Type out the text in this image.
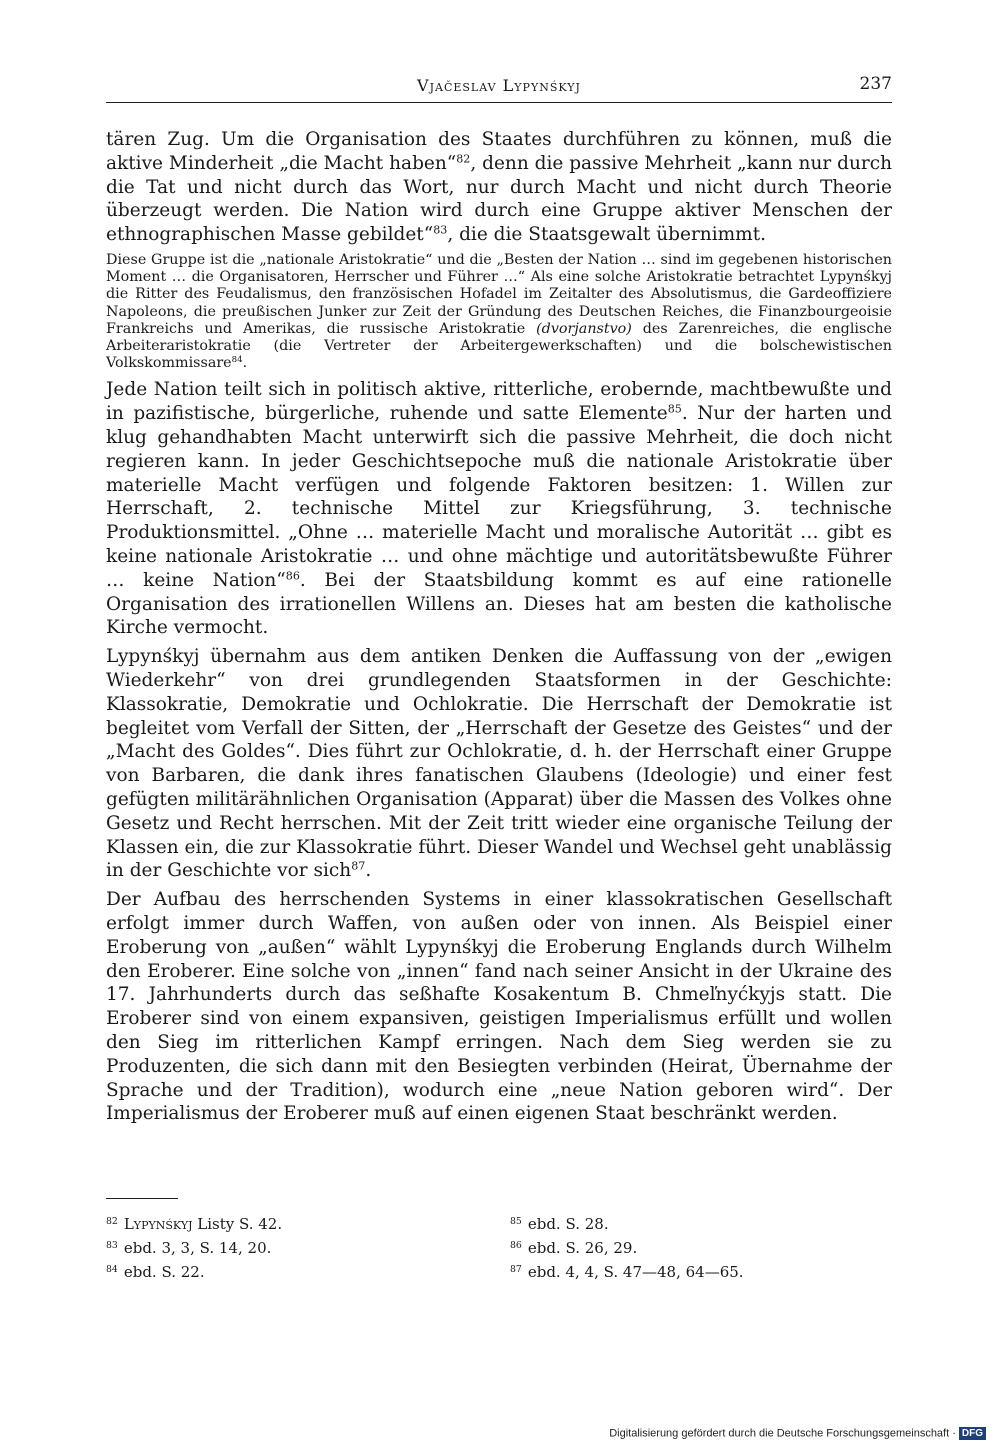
Vjačeslav Lypynśkyj	237

tären Zug. Um die Organisation des Staates durchführen zu können, muß die aktive Minderheit „die Macht haben“$^{82}$, denn die passive Mehrheit „kann nur durch die Tat und nicht durch das Wort, nur durch Macht und nicht durch Theorie überzeugt werden. Die Nation wird durch eine Gruppe aktiver Menschen der ethnographischen Masse gebildet“$^{83}$, die die Staatsgewalt übernimmt.

Diese Gruppe ist die „nationale Aristokratie“ und die „Besten der Nation … sind im gegebenen historischen Moment … die Organisatoren, Herrscher und Führer …“ Als eine solche Aristokratie betrachtet Lypynśkyj die Ritter des Feudalismus, den französischen Hofadel im Zeitalter des Absolutismus, die Gardeoffiziere Napoleons, die preußischen Junker zur Zeit der Gründung des Deutschen Reiches, die Finanzbourgeoisie Frankreichs und Amerikas, die russische Aristokratie (dvorjanstvo) des Zarenreiches, die englische Arbeiteraristokratie (die Vertreter der Arbeitergewerkschaften) und die bolschewistischen Volkskommissare$^{84}$.

Jede Nation teilt sich in politisch aktive, ritterliche, erobernde, machtbewußte und in pazifistische, bürgerliche, ruhende und satte Elemente$^{85}$. Nur der harten und klug gehandhabten Macht unterwirft sich die passive Mehrheit, die doch nicht regieren kann. In jeder Geschichtsepoche muß die nationale Aristokratie über materielle Macht verfügen und folgende Faktoren besitzen: 1. Willen zur Herrschaft, 2. technische Mittel zur Kriegsführung, 3. technische Produktionsmittel. „Ohne … materielle Macht und moralische Autorität … gibt es keine nationale Aristokratie … und ohne mächtige und autoritätsbewußte Führer … keine Nation“$^{86}$. Bei der Staatsbildung kommt es auf eine rationelle Organisation des irrationellen Willens an. Dieses hat am besten die katholische Kirche vermocht.

Lypynśkyj übernahm aus dem antiken Denken die Auffassung von der „ewigen Wiederkehr“ von drei grundlegenden Staatsformen in der Geschichte: Klassokratie, Demokratie und Ochlokratie. Die Herrschaft der Demokratie ist begleitet vom Verfall der Sitten, der „Herrschaft der Gesetze des Geistes“ und der „Macht des Goldes“. Dies führt zur Ochlokratie, d. h. der Herrschaft einer Gruppe von Barbaren, die dank ihres fanatischen Glaubens (Ideologie) und einer fest gefügten militärähnlichen Organisation (Apparat) über die Massen des Volkes ohne Gesetz und Recht herrschen. Mit der Zeit tritt wieder eine organische Teilung der Klassen ein, die zur Klassokratie führt. Dieser Wandel und Wechsel geht unablässig in der Geschichte vor sich$^{87}$.

Der Aufbau des herrschenden Systems in einer klassokratischen Gesellschaft erfolgt immer durch Waffen, von außen oder von innen. Als Beispiel einer Eroberung von „außen“ wählt Lypynśkyj die Eroberung Englands durch Wilhelm den Eroberer. Eine solche von „innen“ fand nach seiner Ansicht in der Ukraine des 17. Jahrhunderts durch das seßhafte Kosakentum B. Chmeľnyćkyjs statt. Die Eroberer sind von einem expansiven, geistigen Imperialismus erfüllt und wollen den Sieg im ritterlichen Kampf erringen. Nach dem Sieg werden sie zu Produzenten, die sich dann mit den Besiegten verbinden (Heirat, Übernahme der Sprache und der Tradition), wodurch eine „neue Nation geboren wird“. Der Imperialismus der Eroberer muß auf einen eigenen Staat beschränkt werden.

$^{82}$ Lypynśkyj Listy S. 42.
$^{83}$ ebd. 3, 3, S. 14, 20.
$^{84}$ ebd. S. 22.
$^{85}$ ebd. S. 28.
$^{86}$ ebd. S. 26, 29.
$^{87}$ ebd. 4, 4, S. 47—48, 64—65.
Digitalisierung gefördert durch die Deutsche Forschungsgemeinschaft · DFG
